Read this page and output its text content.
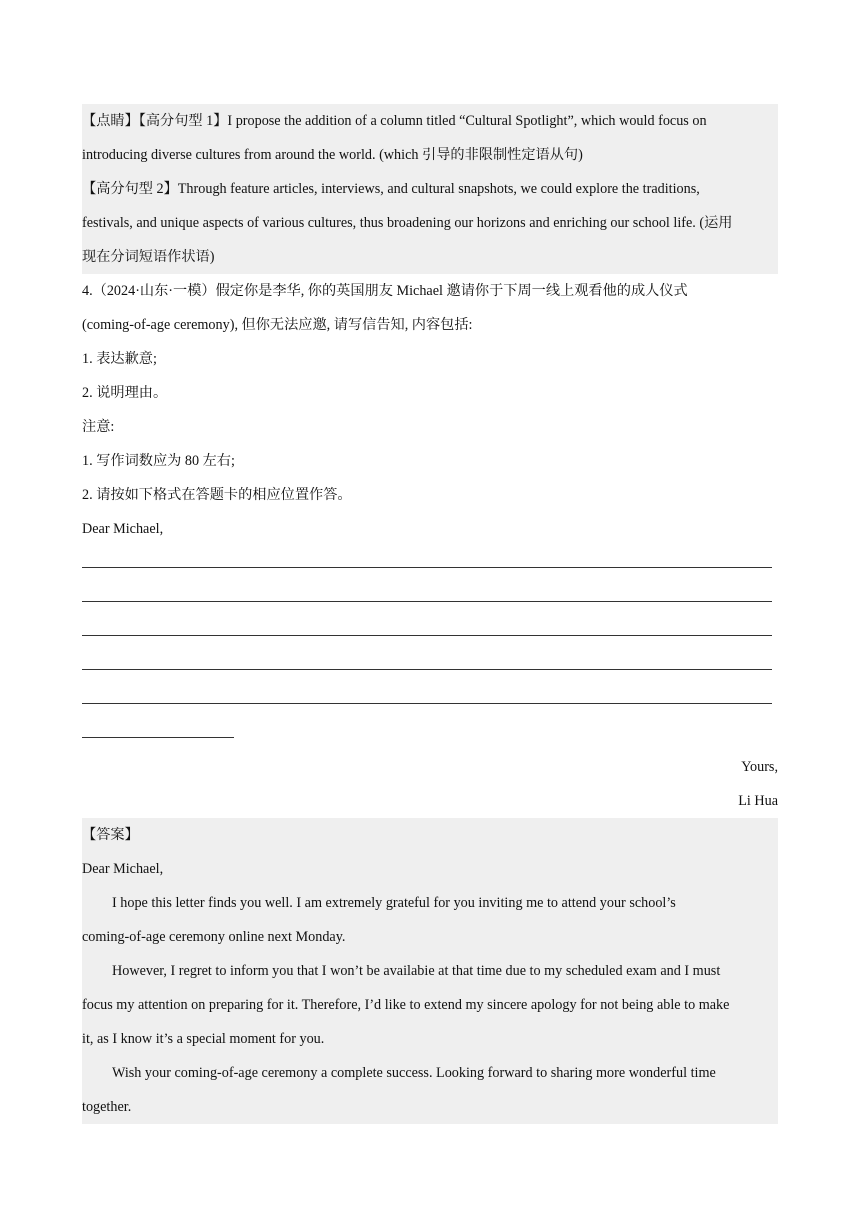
【点睛】【高分句型 1】I propose the addition of a column titled “Cultural Spotlight”, which would focus on
introducing diverse cultures from around the world. (which 引导的非限制性定语从句)
【高分句型 2】Through feature articles, interviews, and cultural snapshots, we could explore the traditions,
festivals, and unique aspects of various cultures, thus broadening our horizons and enriching our school life. (运用
现在分词短语作状语)
4.（2024·山东·一模）假定你是李华, 你的英国朋友 Michael 邀请你于下周一线上观看他的成人仪式
(coming-of-age ceremony), 但你无法应邀, 请写信告知, 内容包括:
1. 表达歉意;
2. 说明理由。
注意:
1. 写作词数应为 80 左右;
2. 请按如下格式在答题卡的相应位置作答。
Dear Michael,
Yours,
Li Hua
【答案】
Dear Michael,
I hope this letter finds you well. I am extremely grateful for you inviting me to attend your school’s
coming-of-age ceremony online next Monday.
However, I regret to inform you that I won’t be availabie at that time due to my scheduled exam and I must
focus my attention on preparing for it. Therefore, I’d like to extend my sincere apology for not being able to make
it, as I know it’s a special moment for you.
Wish your coming-of-age ceremony a complete success. Looking forward to sharing more wonderful time
together.
